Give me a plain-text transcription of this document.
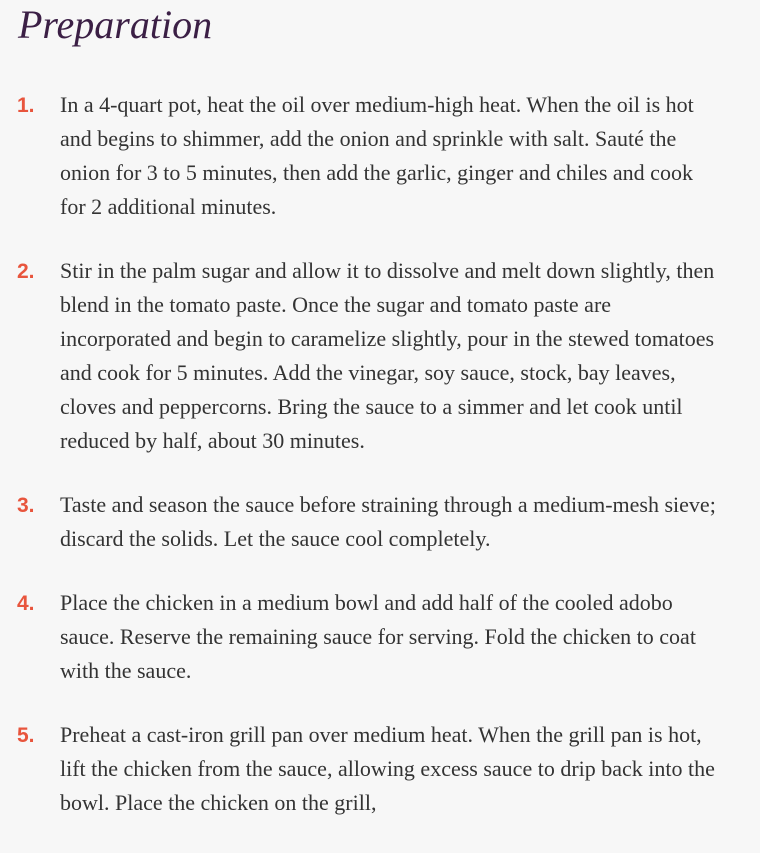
Preparation
1.	In a 4-quart pot, heat the oil over medium-high heat. When the oil is hot and begins to shimmer, add the onion and sprinkle with salt. Sauté the onion for 3 to 5 minutes, then add the garlic, ginger and chiles and cook for 2 additional minutes.
2.	Stir in the palm sugar and allow it to dissolve and melt down slightly, then blend in the tomato paste. Once the sugar and tomato paste are incorporated and begin to caramelize slightly, pour in the stewed tomatoes and cook for 5 minutes. Add the vinegar, soy sauce, stock, bay leaves, cloves and peppercorns. Bring the sauce to a simmer and let cook until reduced by half, about 30 minutes.
3.	Taste and season the sauce before straining through a medium-mesh sieve; discard the solids. Let the sauce cool completely.
4.	Place the chicken in a medium bowl and add half of the cooled adobo sauce. Reserve the remaining sauce for serving. Fold the chicken to coat with the sauce.
5.	Preheat a cast-iron grill pan over medium heat. When the grill pan is hot, lift the chicken from the sauce, allowing excess sauce to drip back into the bowl. Place the chicken on the grill,
